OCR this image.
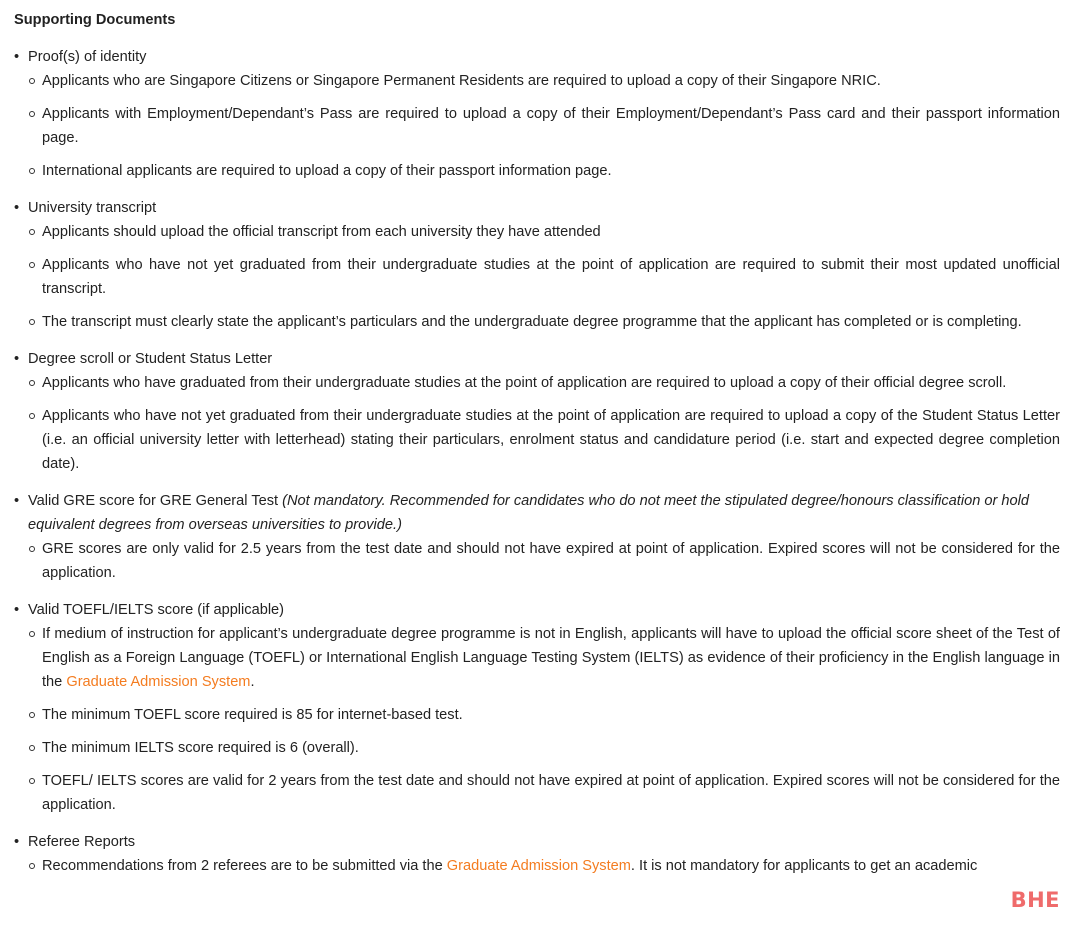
Supporting Documents
• Proof(s) of identity
Applicants who are Singapore Citizens or Singapore Permanent Residents are required to upload a copy of their Singapore NRIC.
Applicants with Employment/Dependant’s Pass are required to upload a copy of their Employment/Dependant’s Pass card and their passport information page.
International applicants are required to upload a copy of their passport information page.
• University transcript
Applicants should upload the official transcript from each university they have attended
Applicants who have not yet graduated from their undergraduate studies at the point of application are required to submit their most updated unofficial transcript.
The transcript must clearly state the applicant’s particulars and the undergraduate degree programme that the applicant has completed or is completing.
• Degree scroll or Student Status Letter
Applicants who have graduated from their undergraduate studies at the point of application are required to upload a copy of their official degree scroll.
Applicants who have not yet graduated from their undergraduate studies at the point of application are required to upload a copy of the Student Status Letter (i.e. an official university letter with letterhead) stating their particulars, enrolment status and candidature period (i.e. start and expected degree completion date).
• Valid GRE score for GRE General Test (Not mandatory. Recommended for candidates who do not meet the stipulated degree/honours classification or hold equivalent degrees from overseas universities to provide.)
GRE scores are only valid for 2.5 years from the test date and should not have expired at point of application. Expired scores will not be considered for the application.
• Valid TOEFL/IELTS score (if applicable)
If medium of instruction for applicant’s undergraduate degree programme is not in English, applicants will have to upload the official score sheet of the Test of English as a Foreign Language (TOEFL) or International English Language Testing System (IELTS) as evidence of their proficiency in the English language in the Graduate Admission System.
The minimum TOEFL score required is 85 for internet-based test.
The minimum IELTS score required is 6 (overall).
TOEFL/ IELTS scores are valid for 2 years from the test date and should not have expired at point of application. Expired scores will not be considered for the application.
• Referee Reports
Recommendations from 2 referees are to be submitted via the Graduate Admission System. It is not mandatory for applicants to get an academic
BHE
